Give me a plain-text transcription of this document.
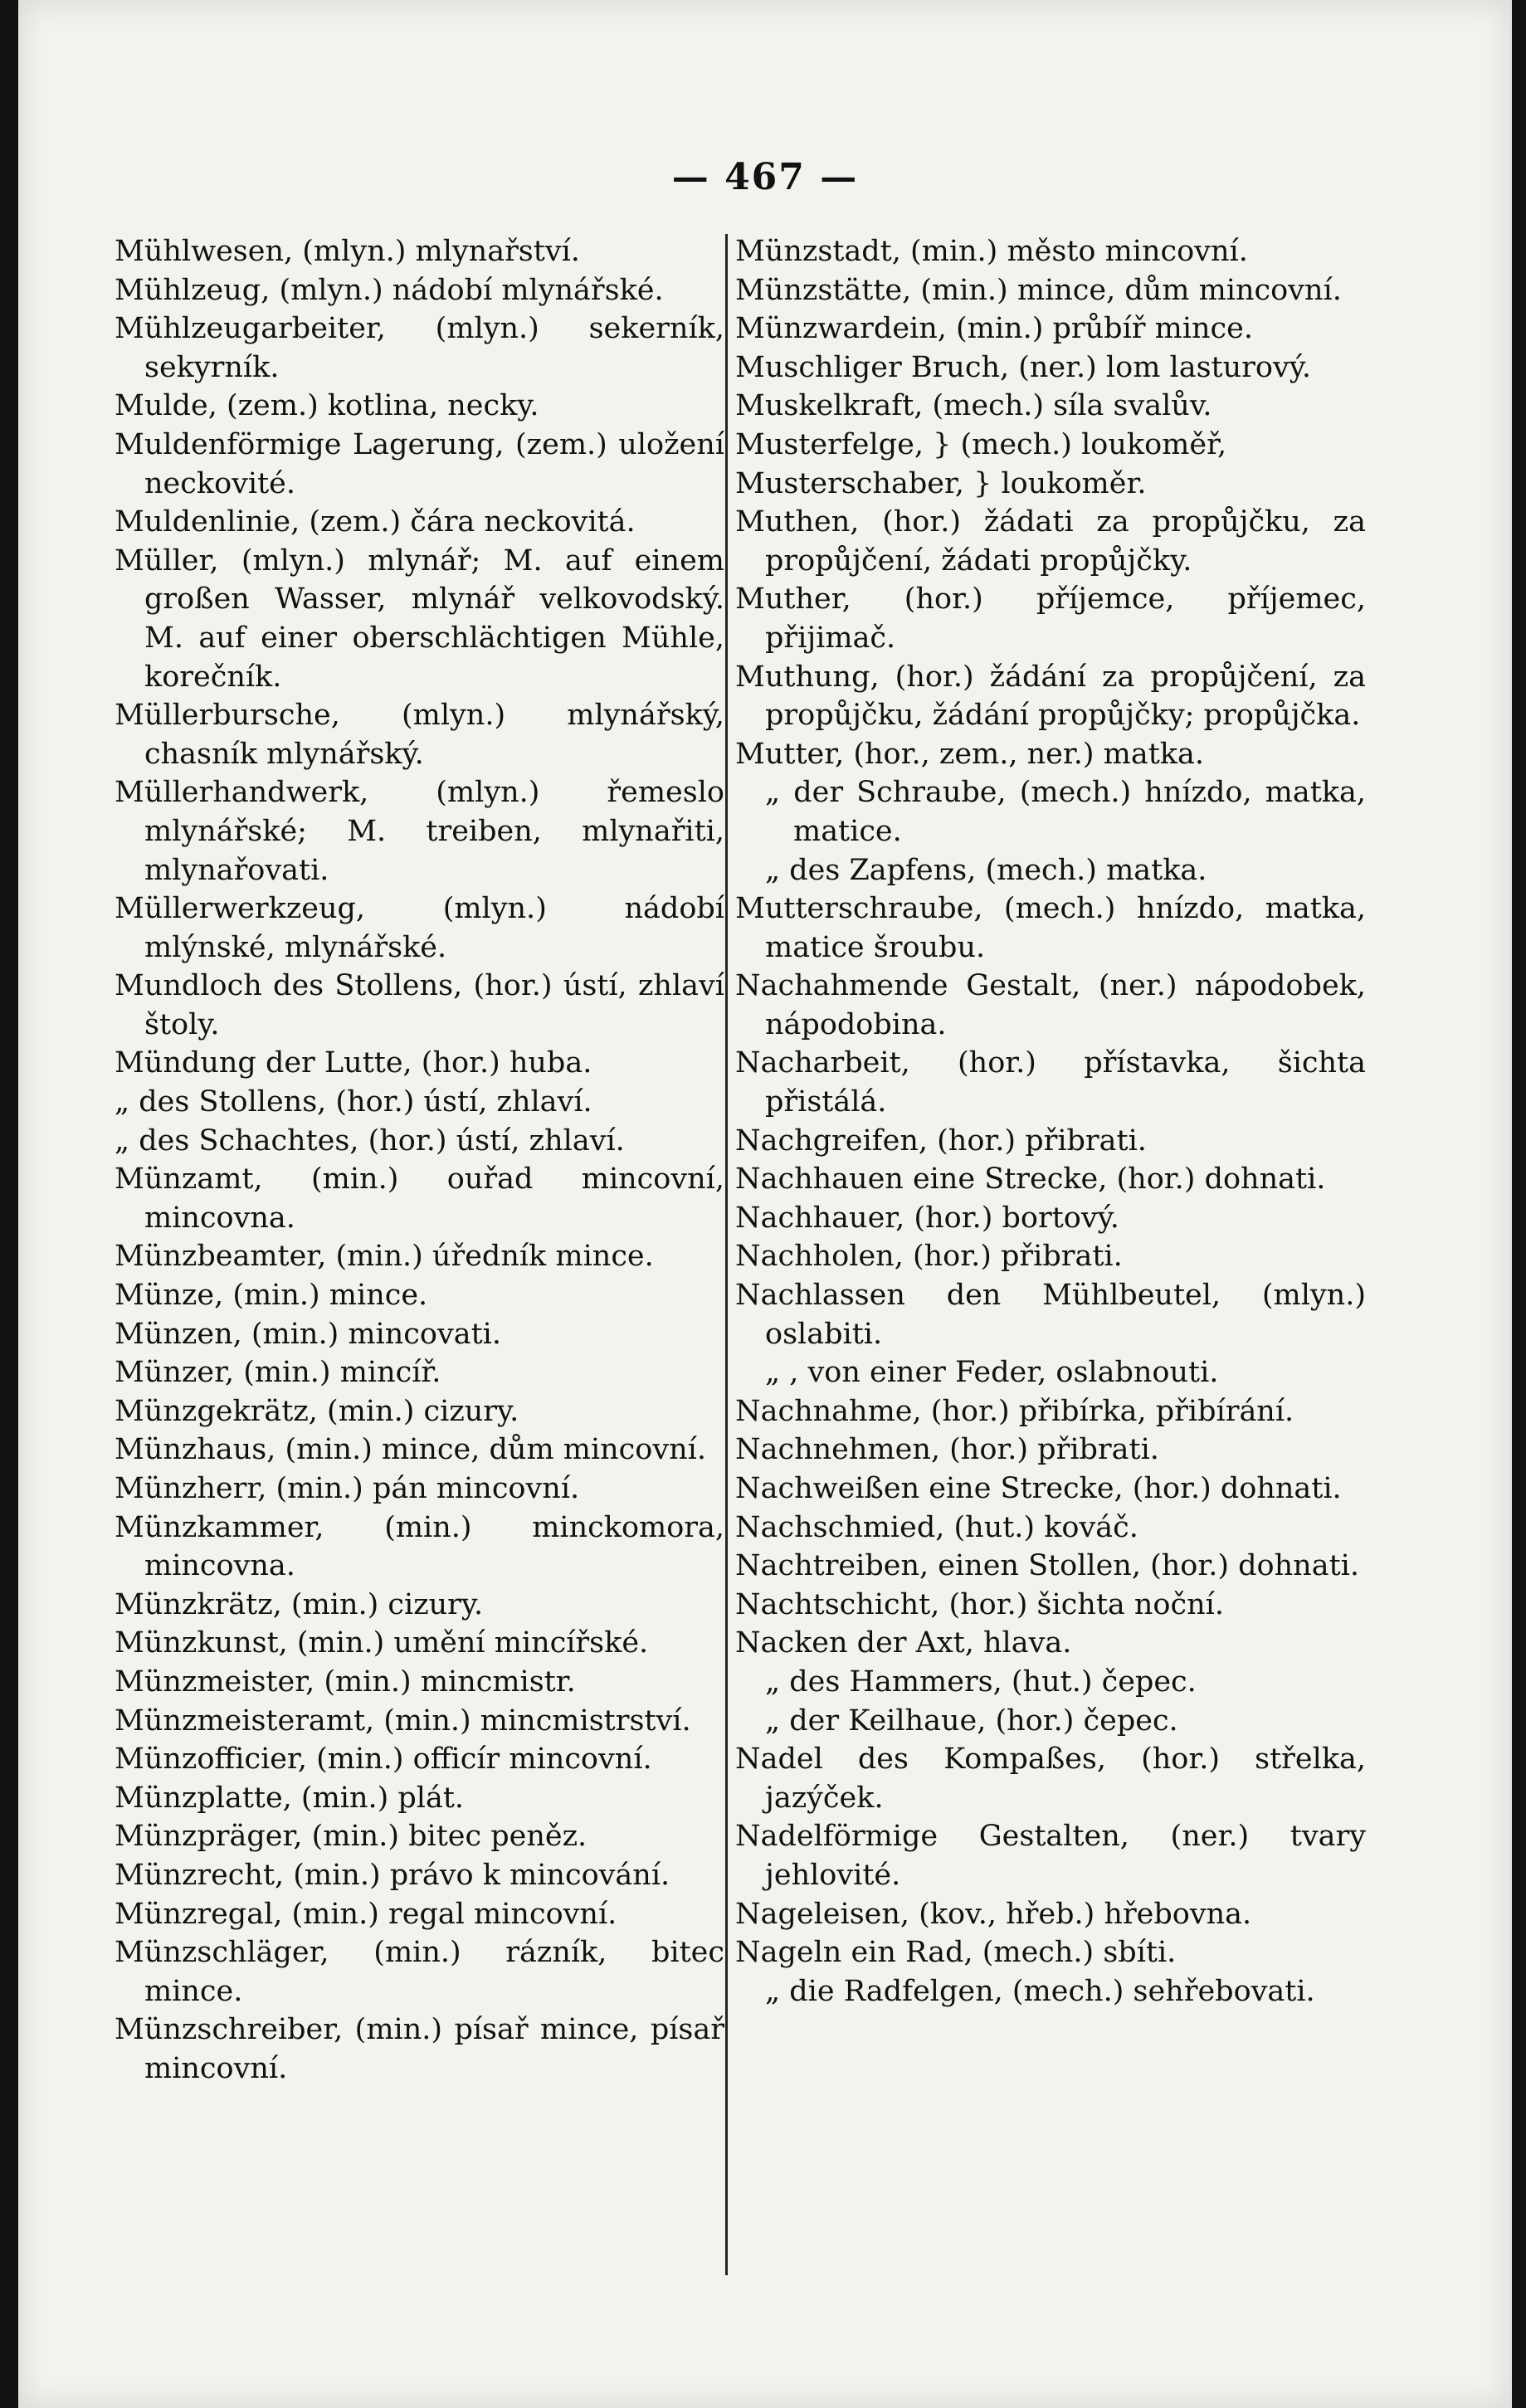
— 467 —
Mühlwesen, (mlyn.) mlynařství.
Mühlzeug, (mlyn.) nádobí mlynářské.
Mühlzeugarbeiter, (mlyn.) sekerník, sekyrník.
Mulde, (zem.) kotlina, necky.
Muldenförmige Lagerung, (zem.) uložení neckovité.
Muldenlinie, (zem.) čára neckovitá.
Müller, (mlyn.) mlynář; M. auf einem großen Wasser, mlynář velkovodský. M. auf einer oberschlächtigen Mühle, korečník.
Müllerbursche, (mlyn.) mlynářský, chasník mlynářský.
Müllerhandwerk, (mlyn.) řemeslo mlynářské; M. treiben, mlynařiti, mlynařovati.
Müllerwerkzeug, (mlyn.) nádobí mlýnské, mlynářské.
Mundloch des Stollens, (hor.) ústí, zhlaví štoly.
Mündung der Lutte, (hor.) huba.
„ des Stollens, (hor.) ústí, zhlaví.
„ des Schachtes, (hor.) ústí, zhlaví.
Münzamt, (min.) ouřad mincovní, mincovna.
Münzbeamter, (min.) úředník mince.
Münze, (min.) mince.
Münzen, (min.) mincovati.
Münzer, (min.) mincíř.
Münzgekrätz, (min.) cizury.
Münzhaus, (min.) mince, dům mincovní.
Münzherr, (min.) pán mincovní.
Münzkammer, (min.) minckomora, mincovna.
Münzkrätz, (min.) cizury.
Münzkunst, (min.) umění mincířské.
Münzmeister, (min.) mincmistr.
Münzmeisteramt, (min.) mincmistrství.
Münzofficier, (min.) officír mincovní.
Münzplatte, (min.) plát.
Münzpräger, (min.) bitec peněz.
Münzrecht, (min.) právo k mincování.
Münzregal, (min.) regal mincovní.
Münzschläger, (min.) rázník, bitec mince.
Münzschreiber, (min.) písař mince, písař mincovní.
Münzstadt, (min.) město mincovní.
Münzstätte, (min.) mince, dům mincovní.
Münzwardein, (min.) průbíř mince.
Muschliger Bruch, (ner.) lom lasturový.
Muskelkraft, (mech.) síla svalův.
Musterfelge, } (mech.) loukoměř,
Musterschaber, } loukoměr.
Muthen, (hor.) žádati za propůjčku, za propůjčení, žádati propůjčky.
Muther, (hor.) příjemce, příjemec, přijimač.
Muthung, (hor.) žádání za propůjčení, za propůjčku, žádání propůjčky; propůjčka.
Mutter, (hor., zem., ner.) matka.
„ der Schraube, (mech.) hnízdo, matka, matice.
„ des Zapfens, (mech.) matka.
Mutterschraube, (mech.) hnízdo, matka, matice šroubu.
Nachahmende Gestalt, (ner.) nápodobek, nápodobina.
Nacharbeit, (hor.) přístavka, šichta přistálá.
Nachgreifen, (hor.) přibrati.
Nachhauen eine Strecke, (hor.) dohnati.
Nachhauer, (hor.) bortový.
Nachholen, (hor.) přibrati.
Nachlassen den Mühlbeutel, (mlyn.) oslabiti.
„ , von einer Feder, oslabnouti.
Nachnahme, (hor.) přibírka, přibírání.
Nachnehmen, (hor.) přibrati.
Nachweißen eine Strecke, (hor.) dohnati.
Nachschmied, (hut.) kováč.
Nachtreiben, einen Stollen, (hor.) dohnati.
Nachtschicht, (hor.) šichta noční.
Nacken der Axt, hlava.
„ des Hammers, (hut.) čepec.
„ der Keilhaue, (hor.) čepec.
Nadel des Kompaßes, (hor.) střelka, jazýček.
Nadelförmige Gestalten, (ner.) tvary jehlovité.
Nageleisen, (kov., hřeb.) hřebovna.
Nageln ein Rad, (mech.) sbíti.
„ die Radfelgen, (mech.) sehřebovati.
